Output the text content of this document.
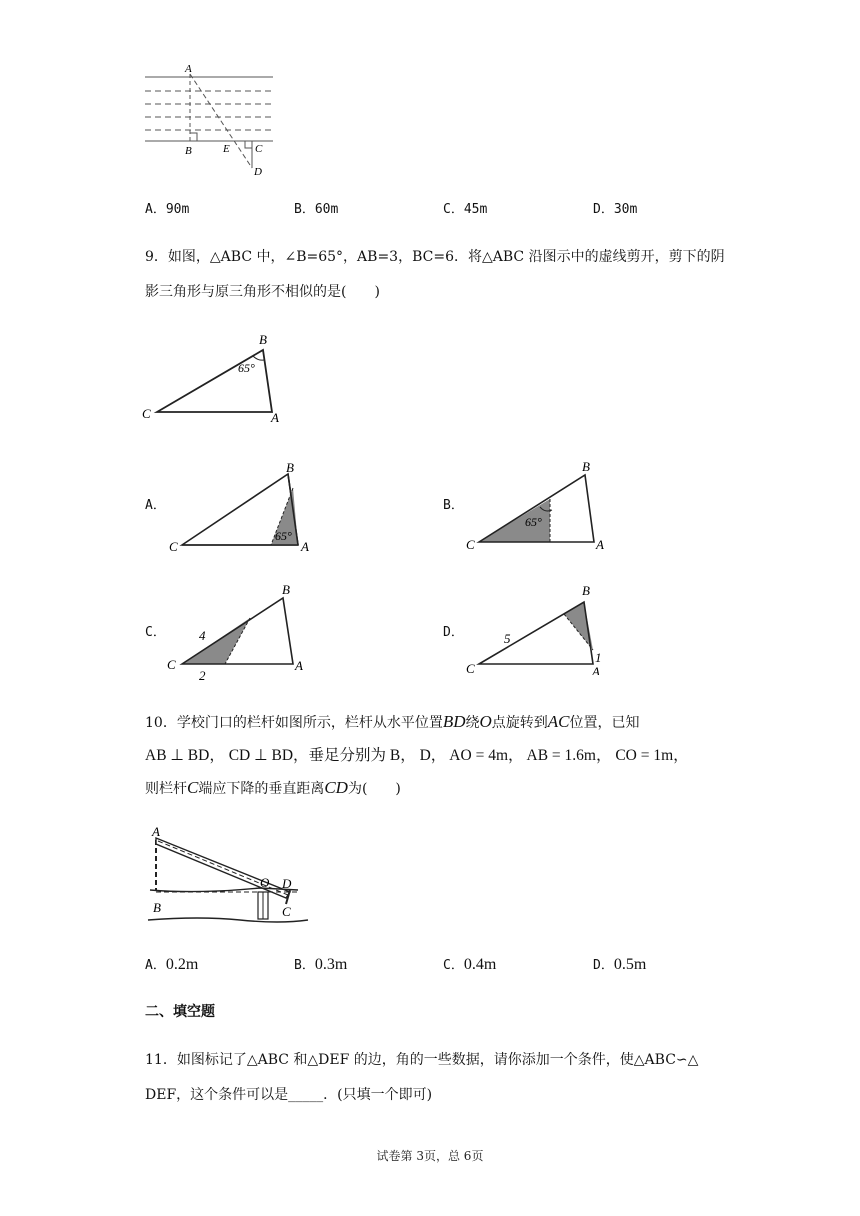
A
B	E C
D
A．90m	B．60m	C．45m	D．30m
9．如图，△ABC 中，∠B=65°，AB=3，BC=6．将△ABC 沿图示中的虚线剪开，剪下的阴
影三角形与原三角形不相似的是(　　)
B
C	A
65°
A．
B
C	A
65°
B．
B
C	A
65°
C．
B
C	A
4
2
D．
B
C	A
5
1
10．学校门口的栏杆如图所示，栏杆从水平位置BD绕O点旋转到AC位置，已知
AB ⊥ BD， CD ⊥ BD，垂足分别为 B， D， AO = 4m， AB = 1.6m， CO = 1m，
则栏杆C端应下降的垂直距离CD为(　　)
A
B
O D
C
A．0.2m	B．0.3m	C．0.4m	D．0.5m
二、填空题
11．如图标记了△ABC 和△DEF 的边，角的一些数据，请你添加一个条件，使△ABC∽△
DEF，这个条件可以是_____．(只填一个即可)
试卷第 3页，总 6页
